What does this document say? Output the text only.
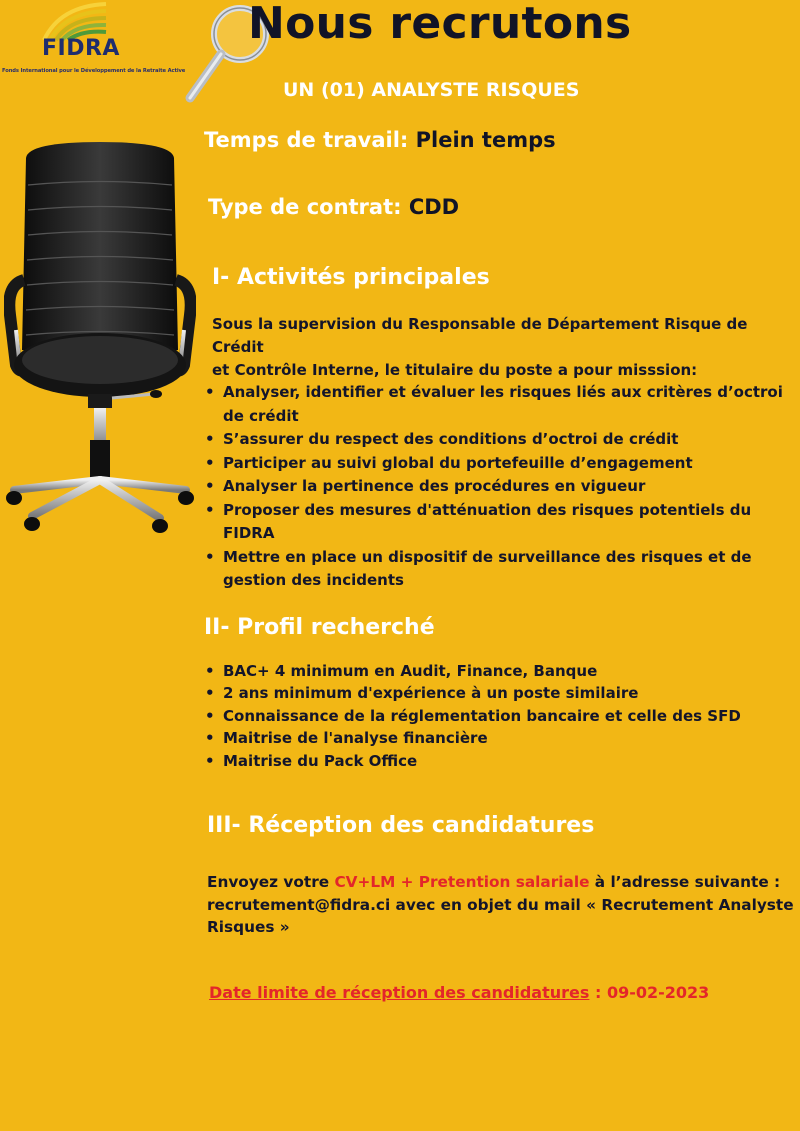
FIDRA
Fonds International pour le Développement de la Retraite Active
Nous recrutons
UN (01) ANALYSTE RISQUES
Temps de travail: Plein temps
Type de contrat: CDD
I- Activités principales
Sous la supervision du Responsable de Département Risque de Crédit
et Contrôle Interne, le titulaire du poste a pour misssion:
• Analyser, identifier et évaluer les risques liés aux critères d’octroi de crédit
• S’assurer du respect des conditions d’octroi de crédit
• Participer au suivi global du portefeuille d’engagement
• Analyser la pertinence des procédures en vigueur
• Proposer des mesures d'atténuation des risques potentiels du FIDRA
• Mettre en place un dispositif de surveillance des risques et de gestion des incidents
II- Profil recherché
• BAC+ 4 minimum en Audit, Finance, Banque
• 2 ans minimum d'expérience à un poste similaire
• Connaissance de la réglementation bancaire et celle des SFD
• Maitrise de l'analyse financière
• Maitrise du Pack Office
III- Réception des candidatures
Envoyez votre CV+LM + Pretention salariale à l’adresse suivante :
recrutement@fidra.ci avec en objet du mail « Recrutement Analyste
Risques »
Date limite de réception des candidatures : 09-02-2023
